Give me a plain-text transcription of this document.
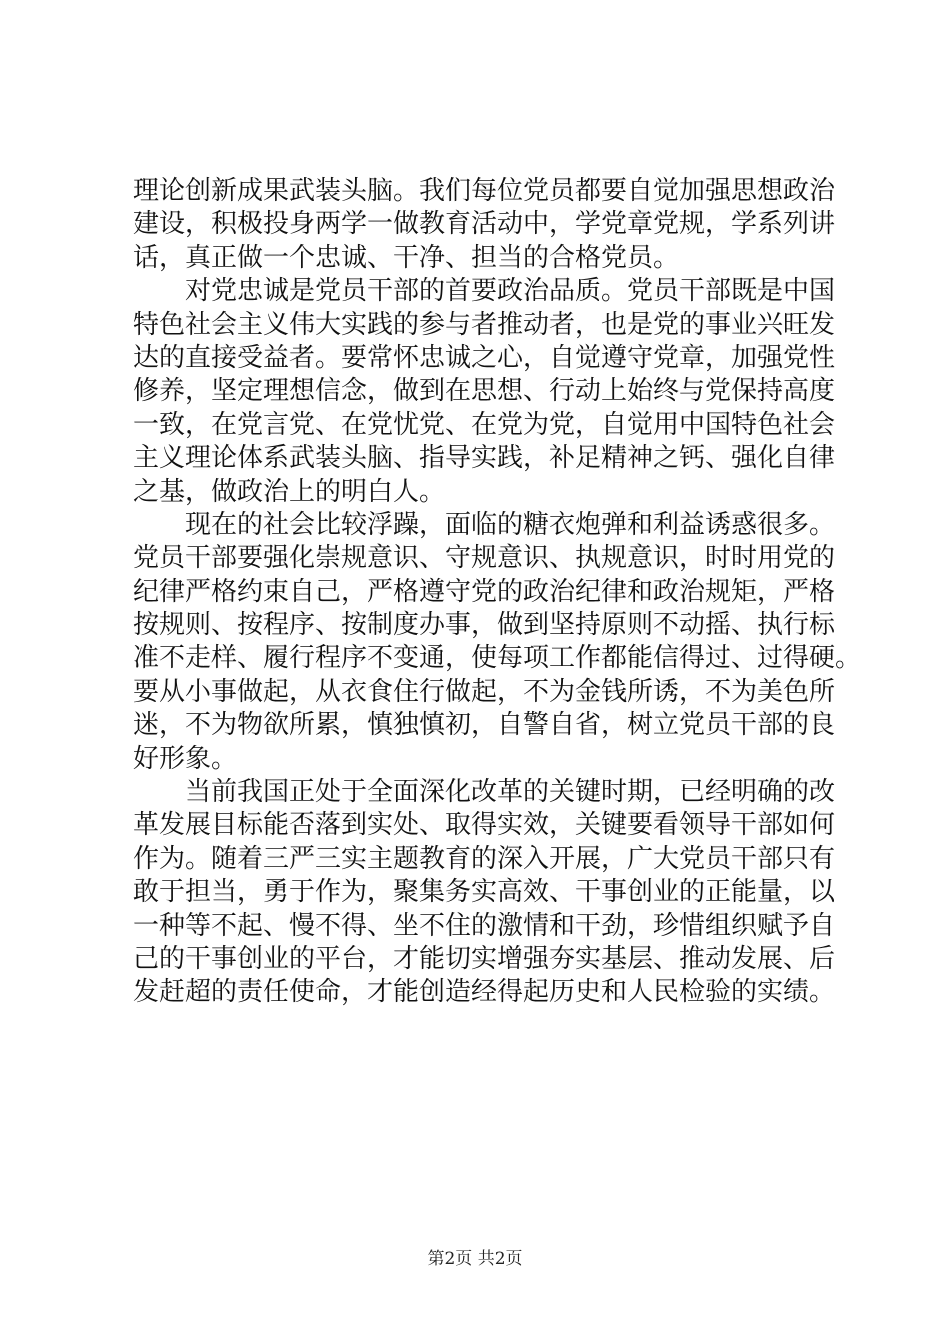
理论创新成果武装头脑。我们每位党员都要自觉加强思想政治
建设，积极投身两学一做教育活动中，学党章党规，学系列讲
话，真正做一个忠诚、干净、担当的合格党员。
对党忠诚是党员干部的首要政治品质。党员干部既是中国
特色社会主义伟大实践的参与者推动者，也是党的事业兴旺发
达的直接受益者。要常怀忠诚之心，自觉遵守党章，加强党性
修养，坚定理想信念，做到在思想、行动上始终与党保持高度
一致，在党言党、在党忧党、在党为党，自觉用中国特色社会
主义理论体系武装头脑、指导实践，补足精神之钙、强化自律
之基，做政治上的明白人。
现在的社会比较浮躁，面临的糖衣炮弹和利益诱惑很多。
党员干部要强化崇规意识、守规意识、执规意识，时时用党的
纪律严格约束自己，严格遵守党的政治纪律和政治规矩，严格
按规则、按程序、按制度办事，做到坚持原则不动摇、执行标
准不走样、履行程序不变通，使每项工作都能信得过、过得硬。
要从小事做起，从衣食住行做起，不为金钱所诱，不为美色所
迷，不为物欲所累，慎独慎初，自警自省，树立党员干部的良
好形象。
当前我国正处于全面深化改革的关键时期，已经明确的改
革发展目标能否落到实处、取得实效，关键要看领导干部如何
作为。随着三严三实主题教育的深入开展，广大党员干部只有
敢于担当，勇于作为，聚集务实高效、干事创业的正能量，以
一种等不起、慢不得、坐不住的激情和干劲，珍惜组织赋予自
己的干事创业的平台，才能切实增强夯实基层、推动发展、后
发赶超的责任使命，才能创造经得起历史和人民检验的实绩。
第2页 共2页
